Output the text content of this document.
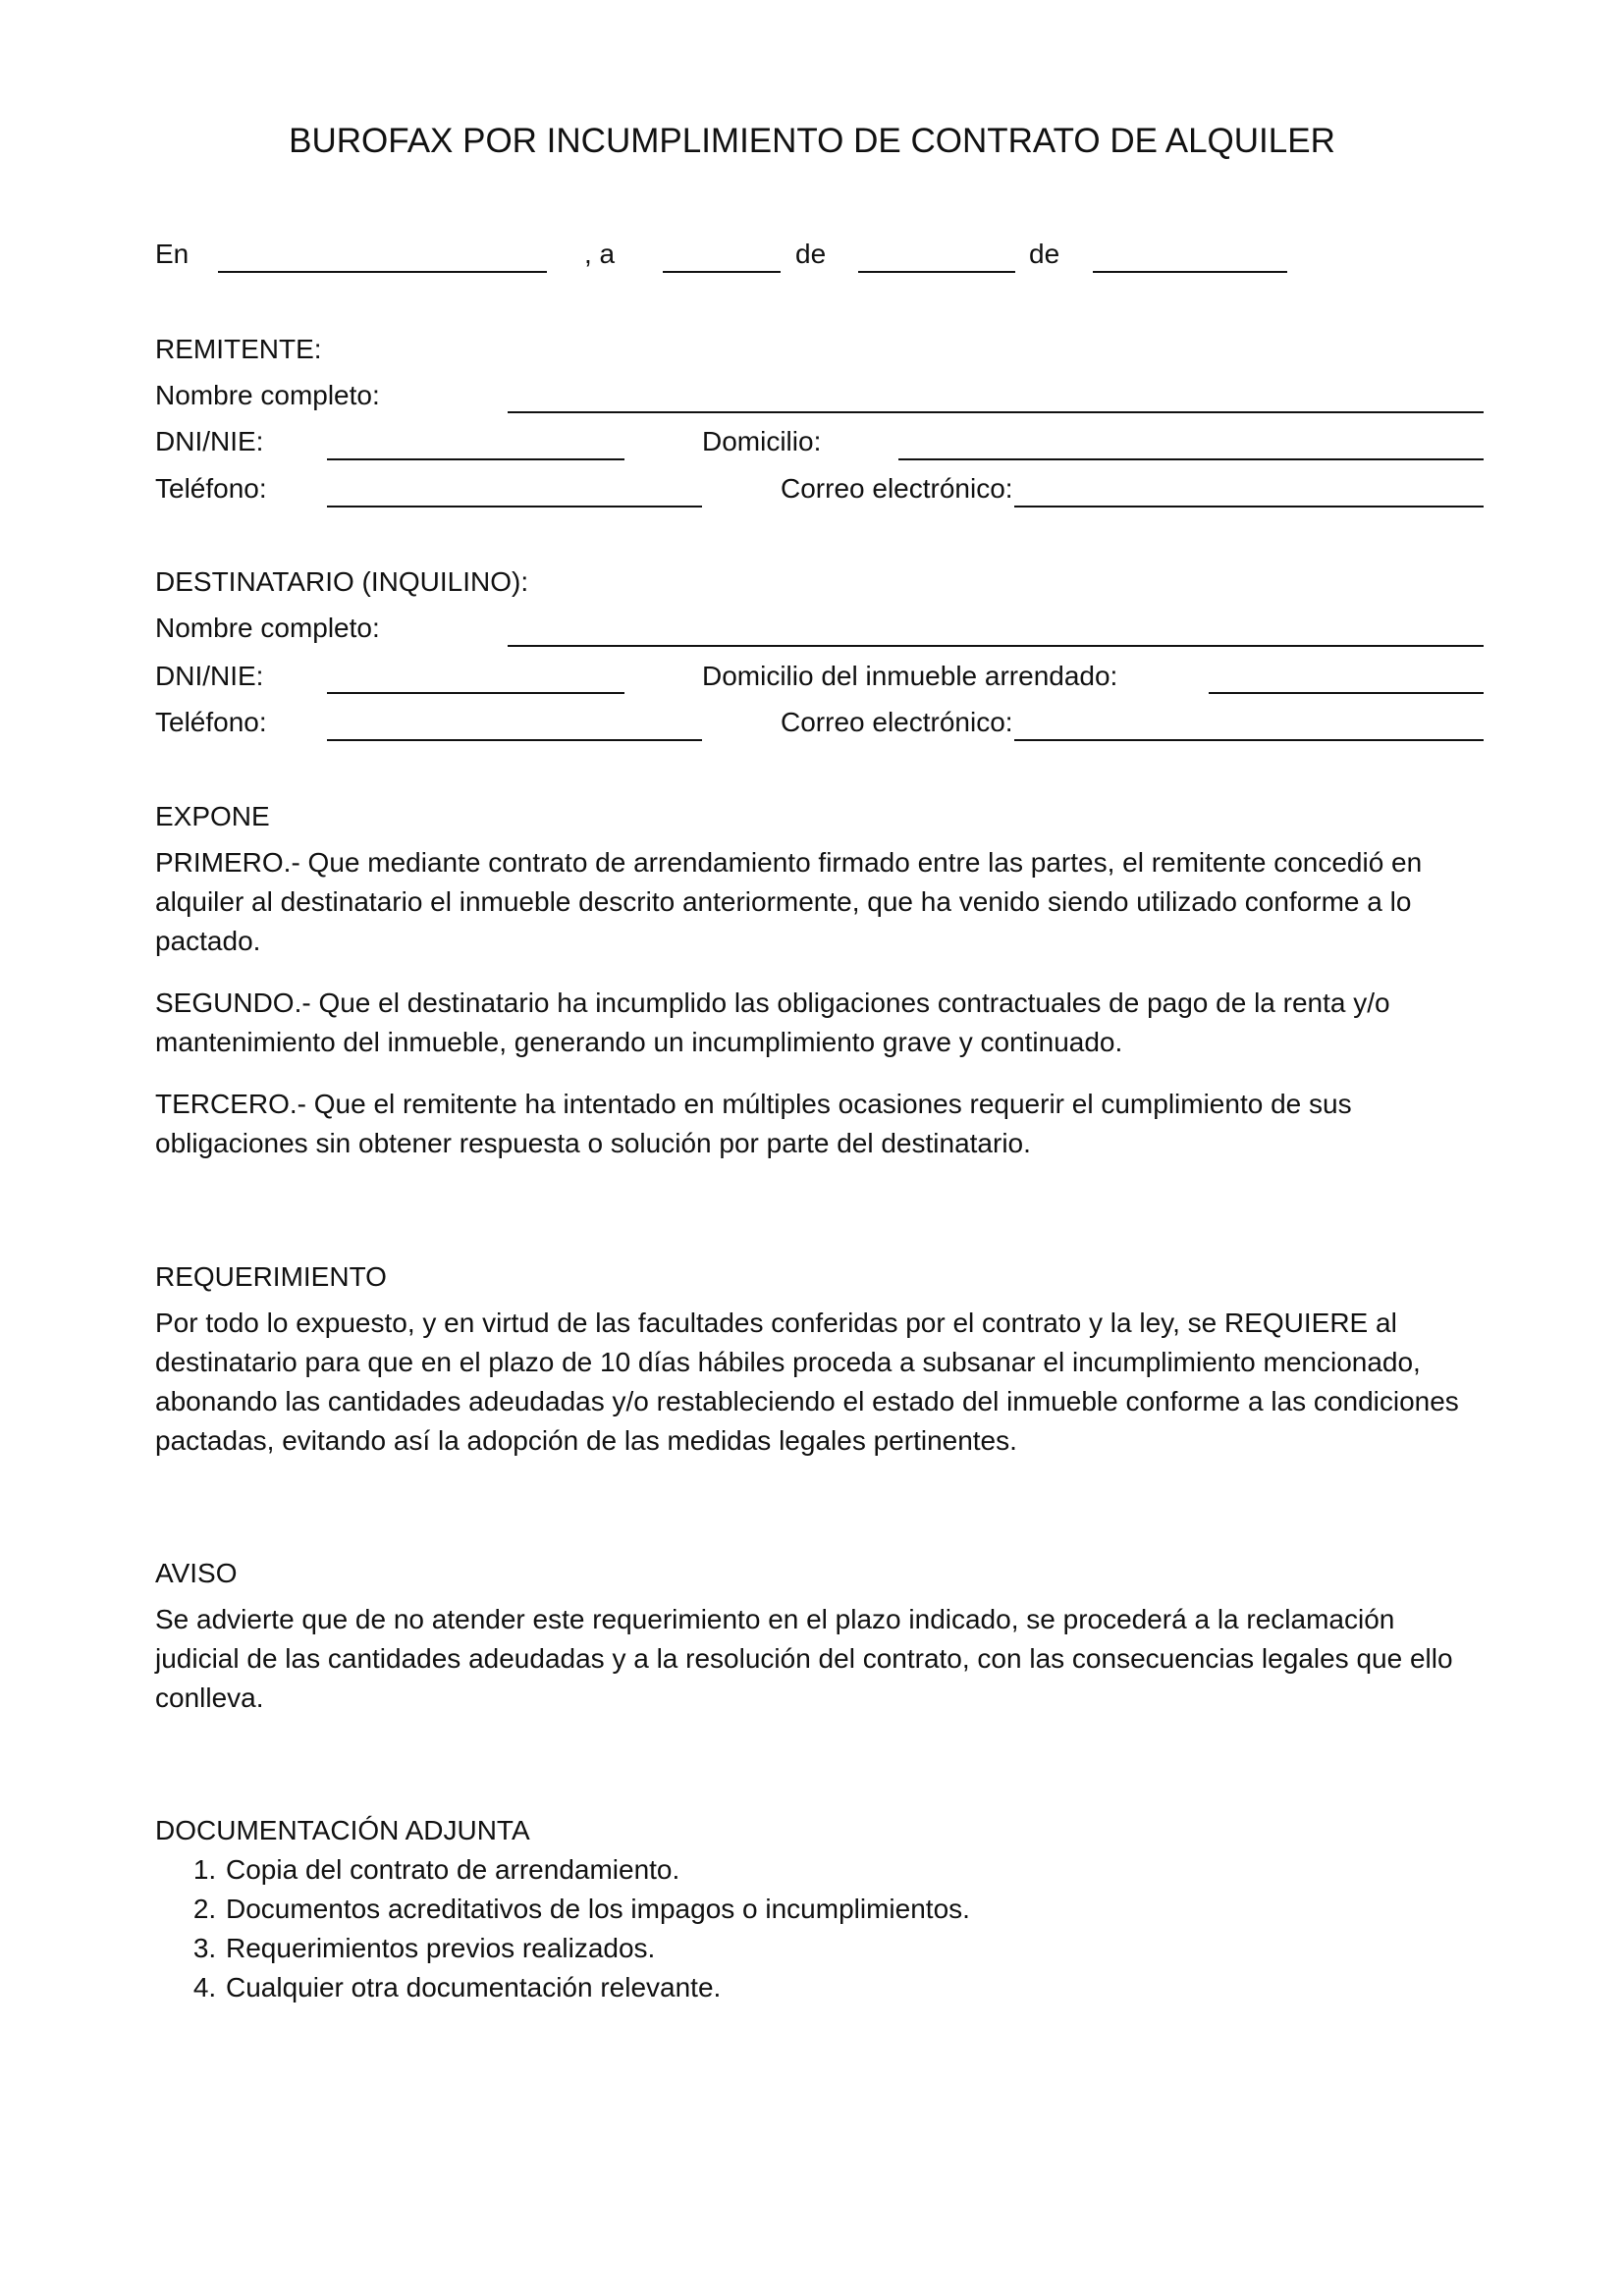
BUROFAX POR INCUMPLIMIENTO DE CONTRATO DE ALQUILER
En	, a	de	de
REMITENTE:
Nombre completo:
DNI/NIE:	Domicilio:
Teléfono:	Correo electrónico:
DESTINATARIO (INQUILINO):
Nombre completo:
DNI/NIE:	Domicilio del inmueble arrendado:
Teléfono:	Correo electrónico:
EXPONE
PRIMERO.- Que mediante contrato de arrendamiento firmado entre las partes, el remitente concedió en alquiler al destinatario el inmueble descrito anteriormente, que ha venido siendo utilizado conforme a lo pactado.
SEGUNDO.- Que el destinatario ha incumplido las obligaciones contractuales de pago de la renta y/o mantenimiento del inmueble, generando un incumplimiento grave y continuado.
TERCERO.- Que el remitente ha intentado en múltiples ocasiones requerir el cumplimiento de sus obligaciones sin obtener respuesta o solución por parte del destinatario.
REQUERIMIENTO
Por todo lo expuesto, y en virtud de las facultades conferidas por el contrato y la ley, se REQUIERE al destinatario para que en el plazo de 10 días hábiles proceda a subsanar el incumplimiento mencionado, abonando las cantidades adeudadas y/o restableciendo el estado del inmueble conforme a las condiciones pactadas, evitando así la adopción de las medidas legales pertinentes.
AVISO
Se advierte que de no atender este requerimiento en el plazo indicado, se procederá a la reclamación judicial de las cantidades adeudadas y a la resolución del contrato, con las consecuencias legales que ello conlleva.
DOCUMENTACIÓN ADJUNTA
1. Copia del contrato de arrendamiento.
2. Documentos acreditativos de los impagos o incumplimientos.
3. Requerimientos previos realizados.
4. Cualquier otra documentación relevante.
